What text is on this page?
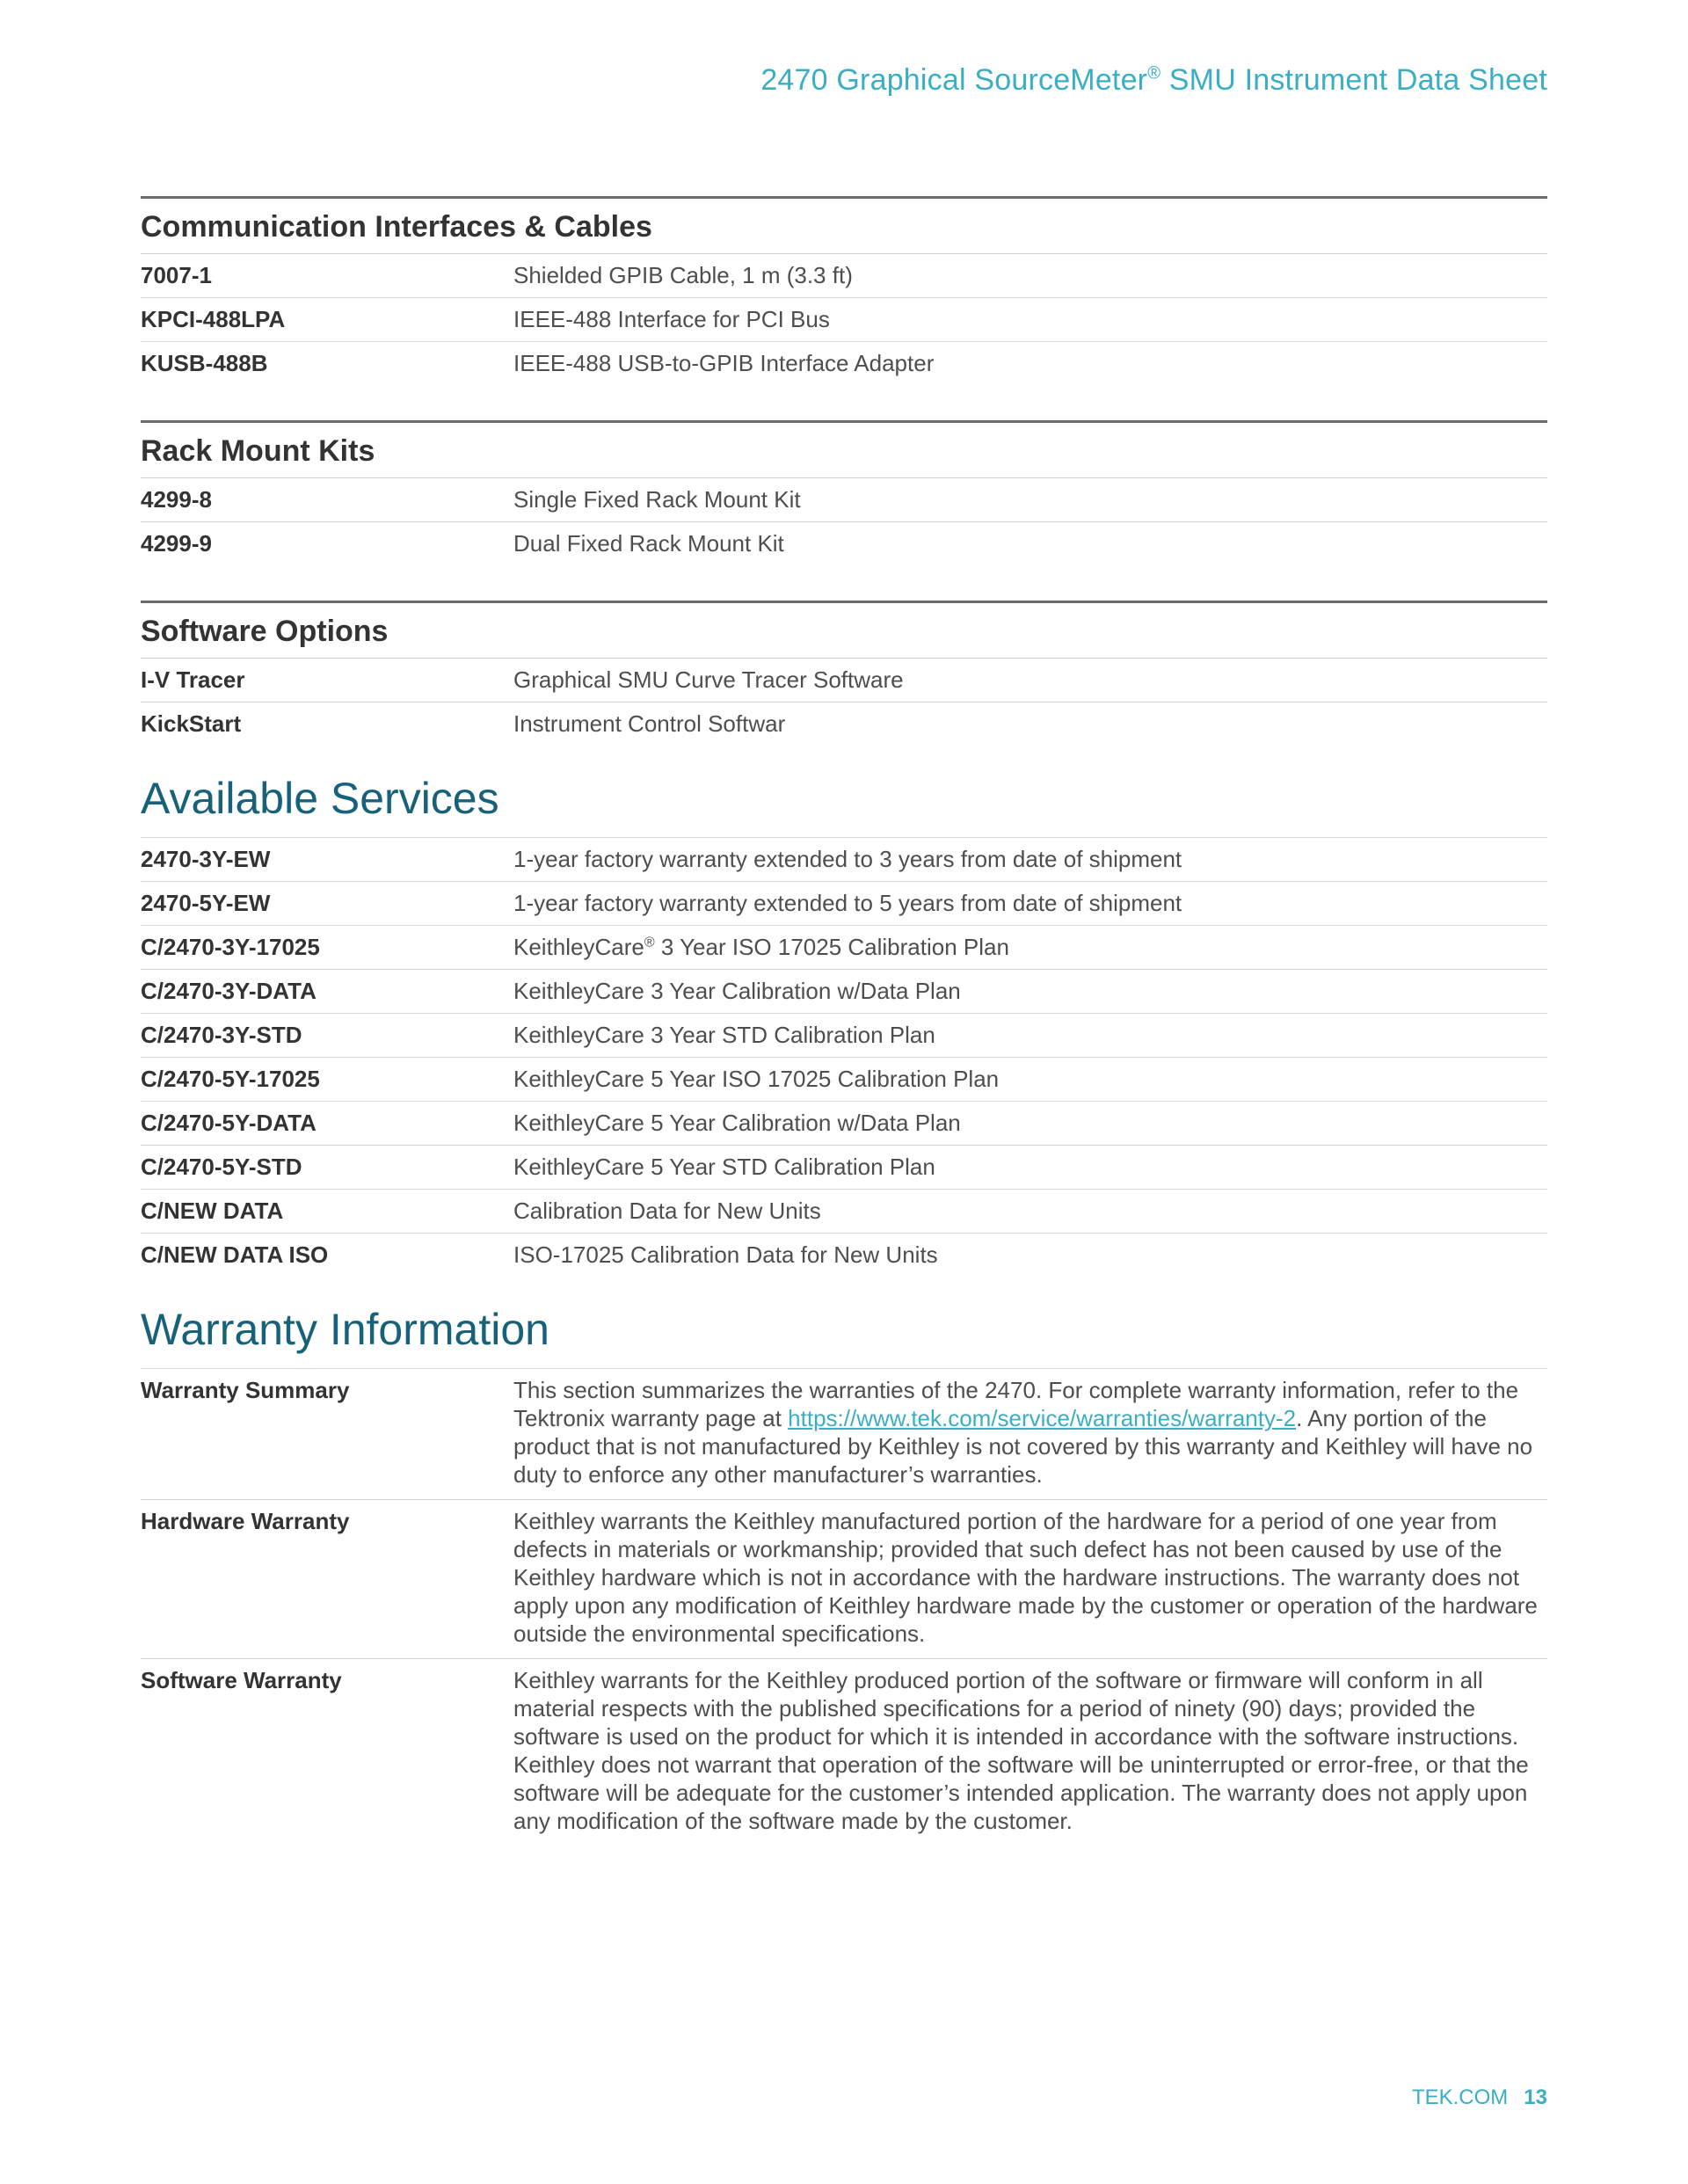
2470 Graphical SourceMeter® SMU Instrument Data Sheet
Communication Interfaces & Cables
7007-1	Shielded GPIB Cable, 1 m (3.3 ft)
KPCI-488LPA	IEEE-488 Interface for PCI Bus
KUSB-488B	IEEE-488 USB-to-GPIB Interface Adapter
Rack Mount Kits
4299-8	Single Fixed Rack Mount Kit
4299-9	Dual Fixed Rack Mount Kit
Software Options
I-V Tracer	Graphical SMU Curve Tracer Software
KickStart	Instrument Control Softwar
Available Services
2470-3Y-EW	1-year factory warranty extended to 3 years from date of shipment
2470-5Y-EW	1-year factory warranty extended to 5 years from date of shipment
C/2470-3Y-17025	KeithleyCare® 3 Year ISO 17025 Calibration Plan
C/2470-3Y-DATA	KeithleyCare 3 Year Calibration w/Data Plan
C/2470-3Y-STD	KeithleyCare 3 Year STD Calibration Plan
C/2470-5Y-17025	KeithleyCare 5 Year ISO 17025 Calibration Plan
C/2470-5Y-DATA	KeithleyCare 5 Year Calibration w/Data Plan
C/2470-5Y-STD	KeithleyCare 5 Year STD Calibration Plan
C/NEW DATA	Calibration Data for New Units
C/NEW DATA ISO	ISO-17025 Calibration Data for New Units
Warranty Information
Warranty Summary	This section summarizes the warranties of the 2470. For complete warranty information, refer to the Tektronix warranty page at https://www.tek.com/service/warranties/warranty-2. Any portion of the product that is not manufactured by Keithley is not covered by this warranty and Keithley will have no duty to enforce any other manufacturer’s warranties.
Hardware Warranty	Keithley warrants the Keithley manufactured portion of the hardware for a period of one year from defects in materials or workmanship; provided that such defect has not been caused by use of the Keithley hardware which is not in accordance with the hardware instructions. The warranty does not apply upon any modification of Keithley hardware made by the customer or operation of the hardware outside the environmental specifications.
Software Warranty	Keithley warrants for the Keithley produced portion of the software or firmware will conform in all material respects with the published specifications for a period of ninety (90) days; provided the software is used on the product for which it is intended in accordance with the software instructions. Keithley does not warrant that operation of the software will be uninterrupted or error-free, or that the software will be adequate for the customer’s intended application. The warranty does not apply upon any modification of the software made by the customer.
TEK.COM 13
